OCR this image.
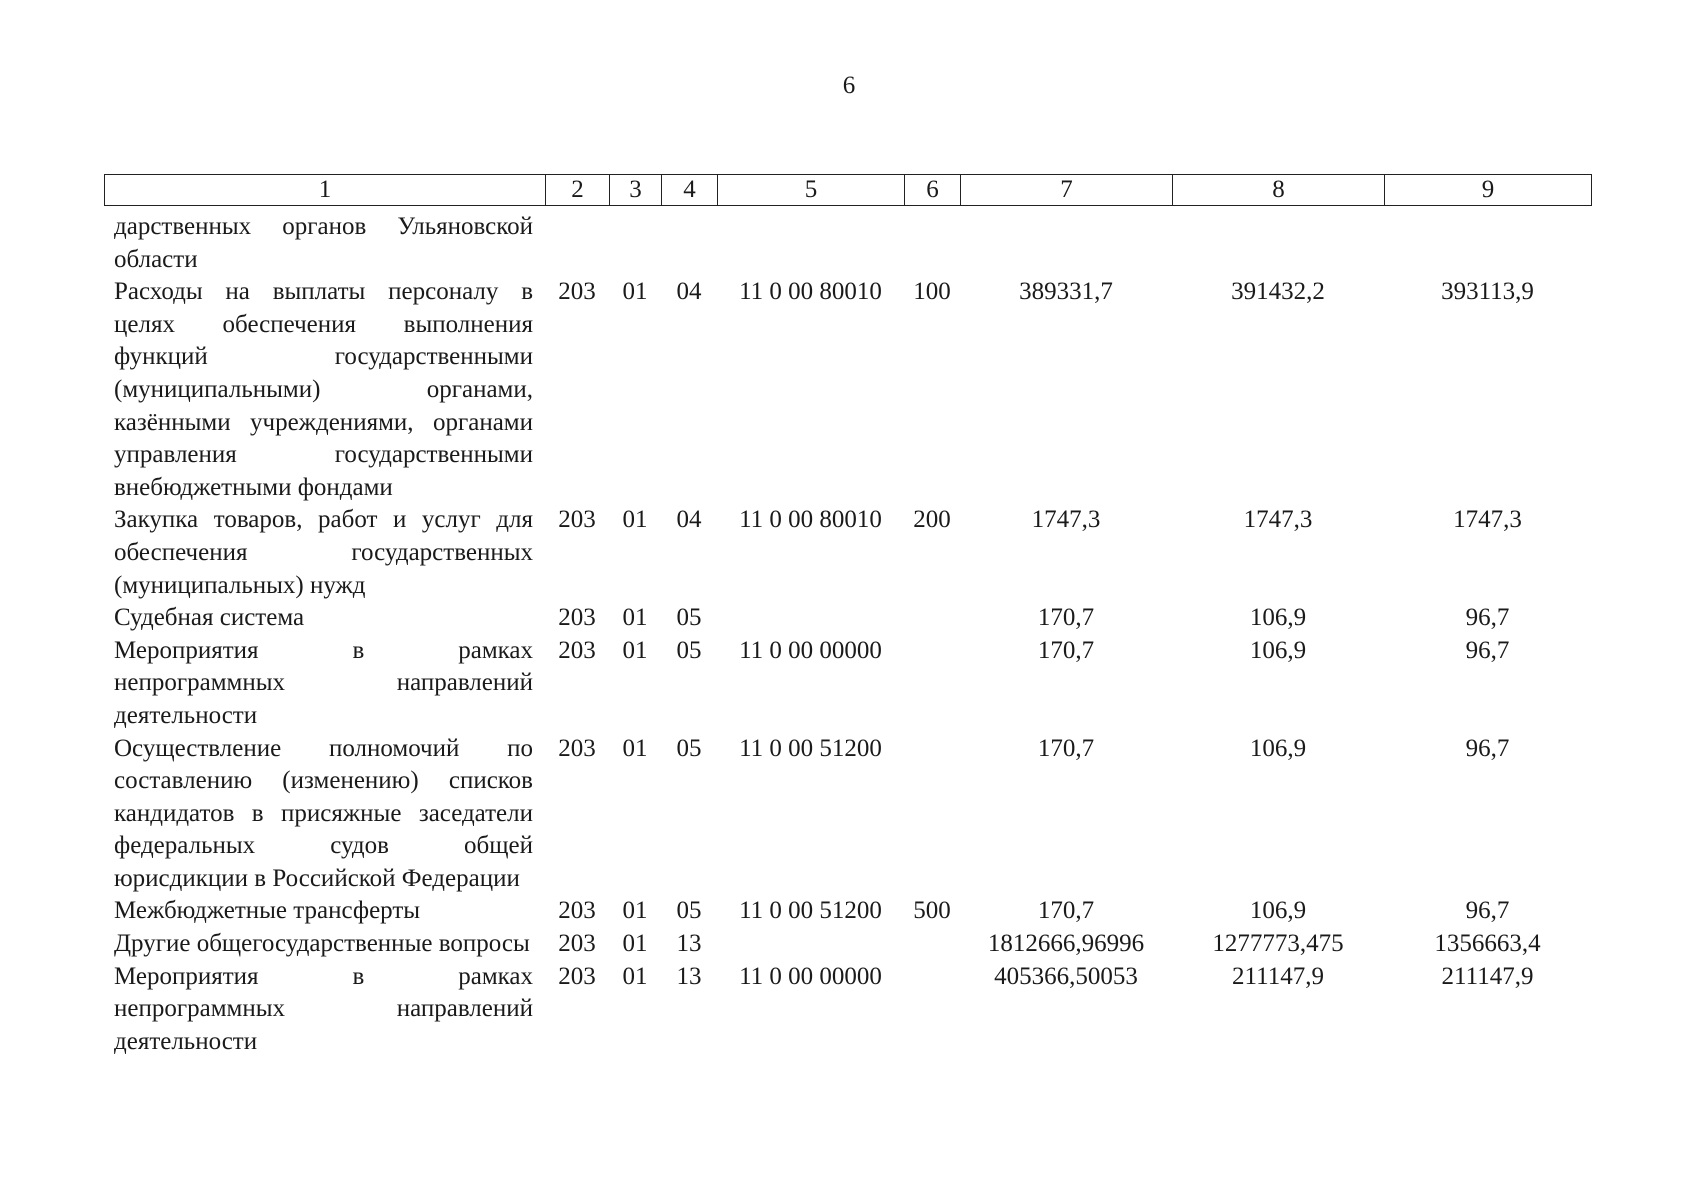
6
1	2	3	4	5	6	7	8	9
дарственных органов Ульяновской области								
Расходы на выплаты персоналу в целях обеспечения выполнения функций государственными (муниципальными) органами, казёнными учреждениями, органами управления государственными внебюджетными фондами	203	01	04	11 0 00 80010	100	389331,7	391432,2	393113,9
Закупка товаров, работ и услуг для обеспечения государственных (муниципальных) нужд	203	01	04	11 0 00 80010	200	1747,3	1747,3	1747,3
Судебная система	203	01	05			170,7	106,9	96,7
Мероприятия в рамках непрограммных направлений деятельности	203	01	05	11 0 00 00000		170,7	106,9	96,7
Осуществление полномочий по составлению (изменению) списков кандидатов в присяжные заседатели федеральных судов общей юрисдикции в Российской Федерации	203	01	05	11 0 00 51200		170,7	106,9	96,7
Межбюджетные трансферты	203	01	05	11 0 00 51200	500	170,7	106,9	96,7
Другие общегосударственные вопросы	203	01	13			1812666,96996	1277773,475	1356663,4
Мероприятия в рамках непрограммных направлений деятельности	203	01	13	11 0 00 00000		405366,50053	211147,9	211147,9
